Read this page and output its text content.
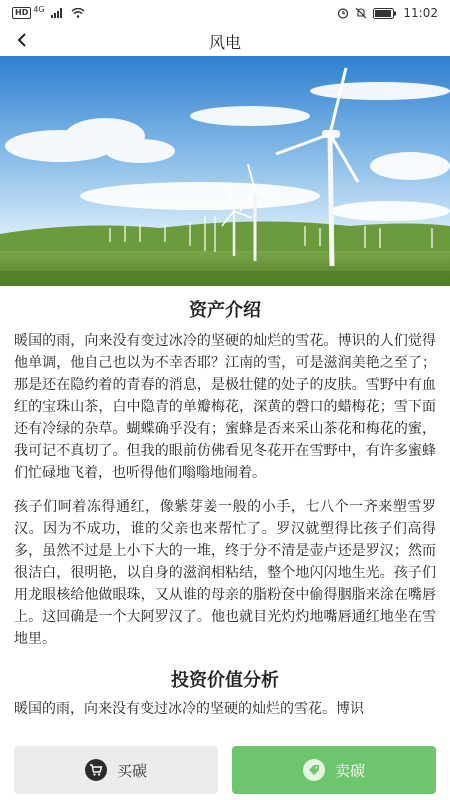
HD 4G	11:02
风电
资产介绍

暖国的雨，向来没有变过冰冷的坚硬的灿烂的雪花。博识的人们觉得他单调，他自己也以为不幸否耶？江南的雪，可是滋润美艳之至了；那是还在隐约着的青春的消息，是极壮健的处子的皮肤。雪野中有血红的宝珠山茶，白中隐青的单瓣梅花，深黄的磬口的蜡梅花；雪下面还有冷绿的杂草。蝴蝶确乎没有；蜜蜂是否来采山茶花和梅花的蜜，我可记不真切了。但我的眼前仿佛看见冬花开在雪野中，有许多蜜蜂们忙碌地飞着，也听得他们嗡嗡地闹着。

孩子们呵着冻得通红，像紫芽姜一般的小手，七八个一齐来塑雪罗汉。因为不成功，谁的父亲也来帮忙了。罗汉就塑得比孩子们高得多，虽然不过是上小下大的一堆，终于分不清是壶卢还是罗汉；然而很洁白，很明艳，以自身的滋润相粘结，整个地闪闪地生光。孩子们用龙眼核给他做眼珠，又从谁的母亲的脂粉奁中偷得胭脂来涂在嘴唇上。这回确是一个大阿罗汉了。他也就目光灼灼地嘴唇通红地坐在雪地里。

投资价值分析

暖国的雨，向来没有变过冰冷的坚硬的灿烂的雪花。博识

买碳	卖碳
